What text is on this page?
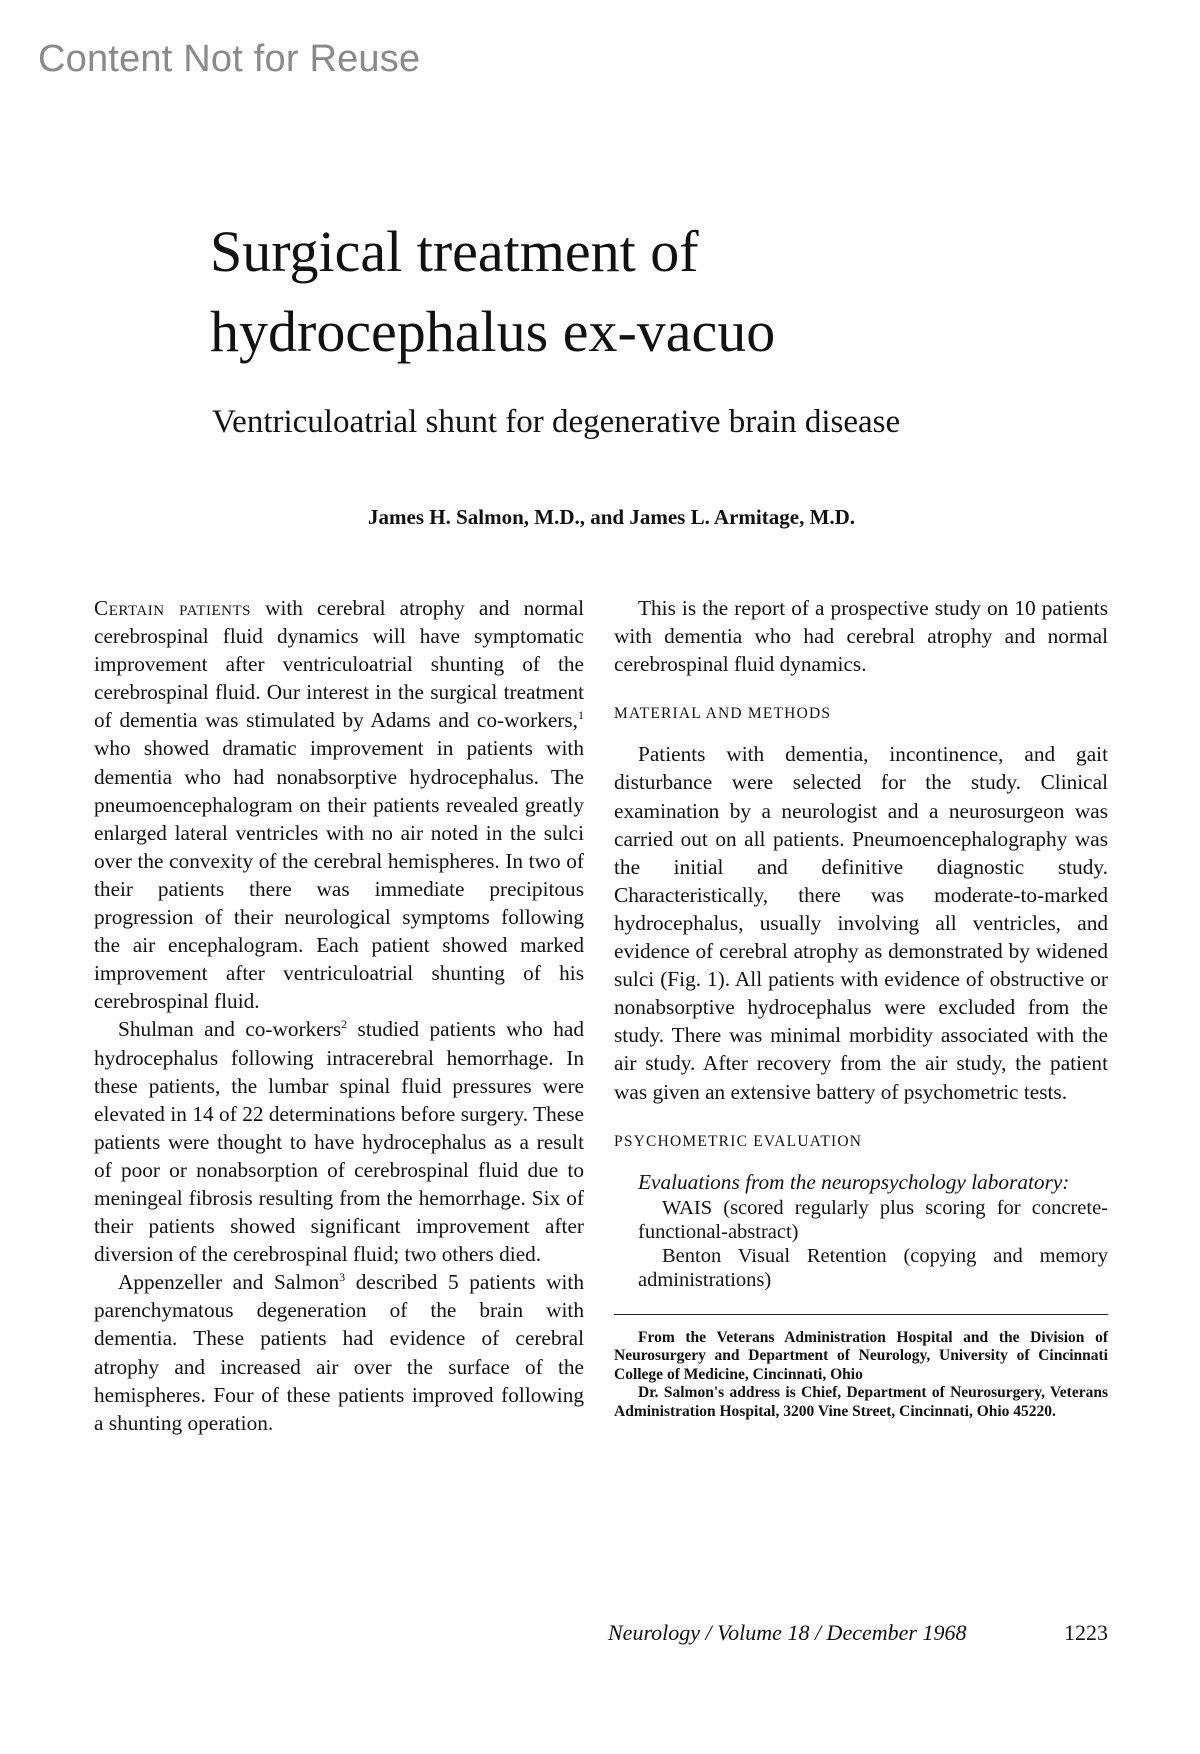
Content Not for Reuse
Surgical treatment of
hydrocephalus ex-vacuo
Ventriculoatrial shunt for degenerative brain disease
James H. Salmon, M.D., and James L. Armitage, M.D.

Certain patients with cerebral atrophy and normal cerebrospinal fluid dynamics will have symptomatic improvement after ventriculoatrial shunting of the cerebrospinal fluid. Our interest in the surgical treatment of dementia was stimulated by Adams and co-workers,$^1$ who showed dramatic improvement in patients with dementia who had nonabsorptive hydrocephalus. The pneumoencephalogram on their patients revealed greatly enlarged lateral ventricles with no air noted in the sulci over the convexity of the cerebral hemispheres. In two of their patients there was immediate precipitous progression of their neurological symptoms following the air encephalogram. Each patient showed marked improvement after ventriculoatrial shunting of his cerebrospinal fluid.

Shulman and co-workers$^2$ studied patients who had hydrocephalus following intracerebral hemorrhage. In these patients, the lumbar spinal fluid pressures were elevated in 14 of 22 determinations before surgery. These patients were thought to have hydrocephalus as a result of poor or nonabsorption of cerebrospinal fluid due to meningeal fibrosis resulting from the hemorrhage. Six of their patients showed significant improvement after diversion of the cerebrospinal fluid; two others died.

Appenzeller and Salmon$^3$ described 5 patients with parenchymatous degeneration of the brain with dementia. These patients had evidence of cerebral atrophy and increased air over the surface of the hemispheres. Four of these patients improved following a shunting operation.

This is the report of a prospective study on 10 patients with dementia who had cerebral atrophy and normal cerebrospinal fluid dynamics.

MATERIAL AND METHODS

Patients with dementia, incontinence, and gait disturbance were selected for the study. Clinical examination by a neurologist and a neurosurgeon was carried out on all patients. Pneumoencephalography was the initial and definitive diagnostic study. Characteristically, there was moderate-to-marked hydrocephalus, usually involving all ventricles, and evidence of cerebral atrophy as demonstrated by widened sulci (Fig. 1). All patients with evidence of obstructive or nonabsorptive hydrocephalus were excluded from the study. There was minimal morbidity associated with the air study. After recovery from the air study, the patient was given an extensive battery of psychometric tests.

PSYCHOMETRIC EVALUATION

Evaluations from the neuropsychology laboratory:

WAIS (scored regularly plus scoring for concrete-functional-abstract)

Benton Visual Retention (copying and memory administrations)

From the Veterans Administration Hospital and the Division of Neurosurgery and Department of Neurology, University of Cincinnati College of Medicine, Cincinnati, Ohio

Dr. Salmon's address is Chief, Department of Neurosurgery, Veterans Administration Hospital, 3200 Vine Street, Cincinnati, Ohio 45220.

Neurology / Volume 18 / December 1968	1223
